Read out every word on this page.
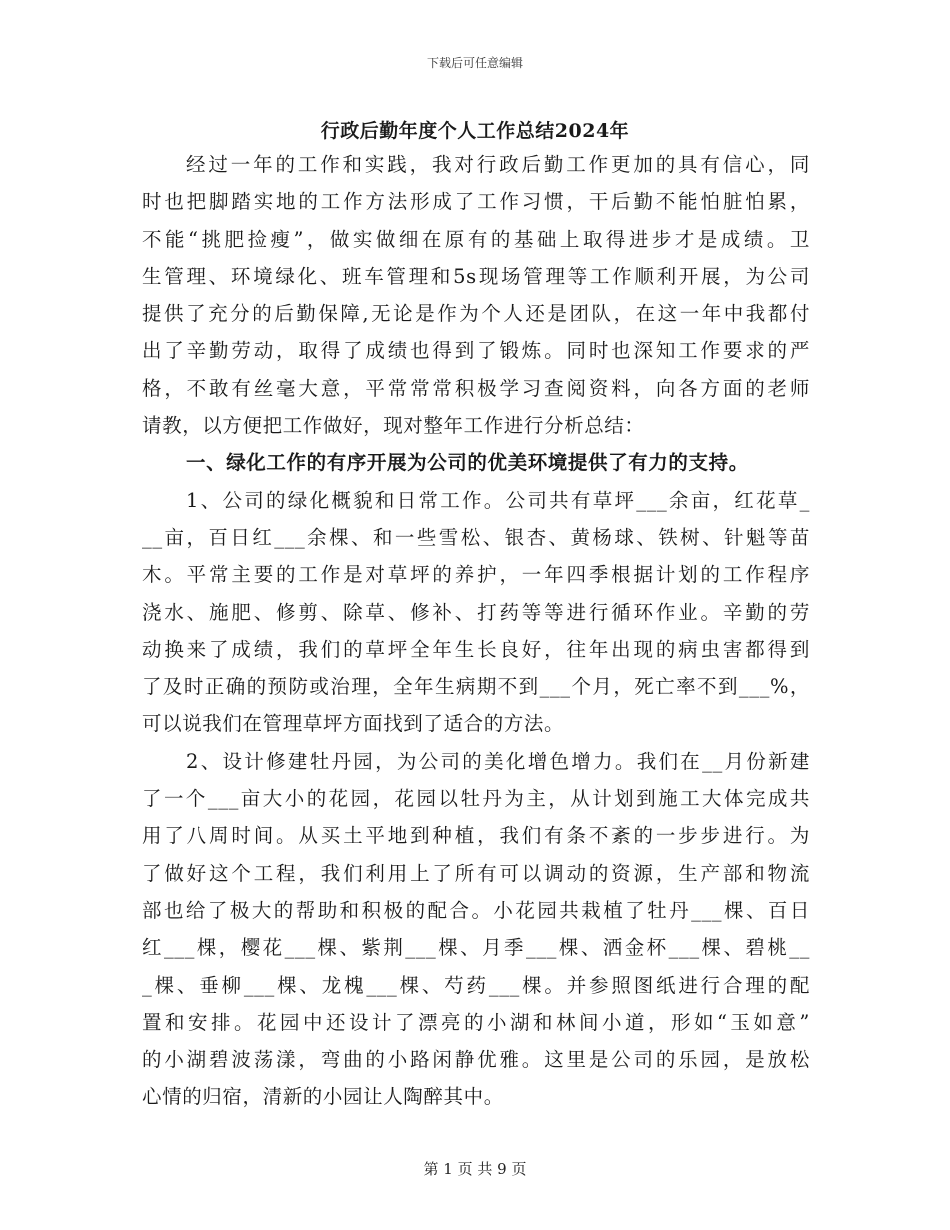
下载后可任意编辑
行政后勤年度个人工作总结2024年
经过一年的工作和实践，我对行政后勤工作更加的具有信心，同
时也把脚踏实地的工作方法形成了工作习惯，干后勤不能怕脏怕累，
不能“挑肥捡瘦”，做实做细在原有的基础上取得进步才是成绩。卫
生管理、环境绿化、班车管理和5s现场管理等工作顺利开展，为公司
提供了充分的后勤保障,无论是作为个人还是团队，在这一年中我都付
出了辛勤劳动，取得了成绩也得到了锻炼。同时也深知工作要求的严
格，不敢有丝毫大意，平常常常积极学习查阅资料，向各方面的老师
请教，以方便把工作做好，现对整年工作进行分析总结：
一、绿化工作的有序开展为公司的优美环境提供了有力的支持。
1、公司的绿化概貌和日常工作。公司共有草坪___余亩，红花草_
__亩，百日红___余棵、和一些雪松、银杏、黄杨球、铁树、针魁等苗
木。平常主要的工作是对草坪的养护，一年四季根据计划的工作程序
浇水、施肥、修剪、除草、修补、打药等等进行循环作业。辛勤的劳
动换来了成绩，我们的草坪全年生长良好，往年出现的病虫害都得到
了及时正确的预防或治理，全年生病期不到___个月，死亡率不到___%，
可以说我们在管理草坪方面找到了适合的方法。
2、设计修建牡丹园，为公司的美化增色增力。我们在__月份新建
了一个___亩大小的花园，花园以牡丹为主，从计划到施工大体完成共
用了八周时间。从买土平地到种植，我们有条不紊的一步步进行。为
了做好这个工程，我们利用上了所有可以调动的资源，生产部和物流
部也给了极大的帮助和积极的配合。小花园共栽植了牡丹___棵、百日
红___棵，樱花___棵、紫荆___棵、月季___棵、洒金杯___棵、碧桃__
_棵、垂柳___棵、龙槐___棵、芍药___棵。并参照图纸进行合理的配
置和安排。花园中还设计了漂亮的小湖和林间小道，形如“玉如意”
的小湖碧波荡漾，弯曲的小路闲静优雅。这里是公司的乐园，是放松
心情的归宿，清新的小园让人陶醉其中。
第 1 页 共 9 页
